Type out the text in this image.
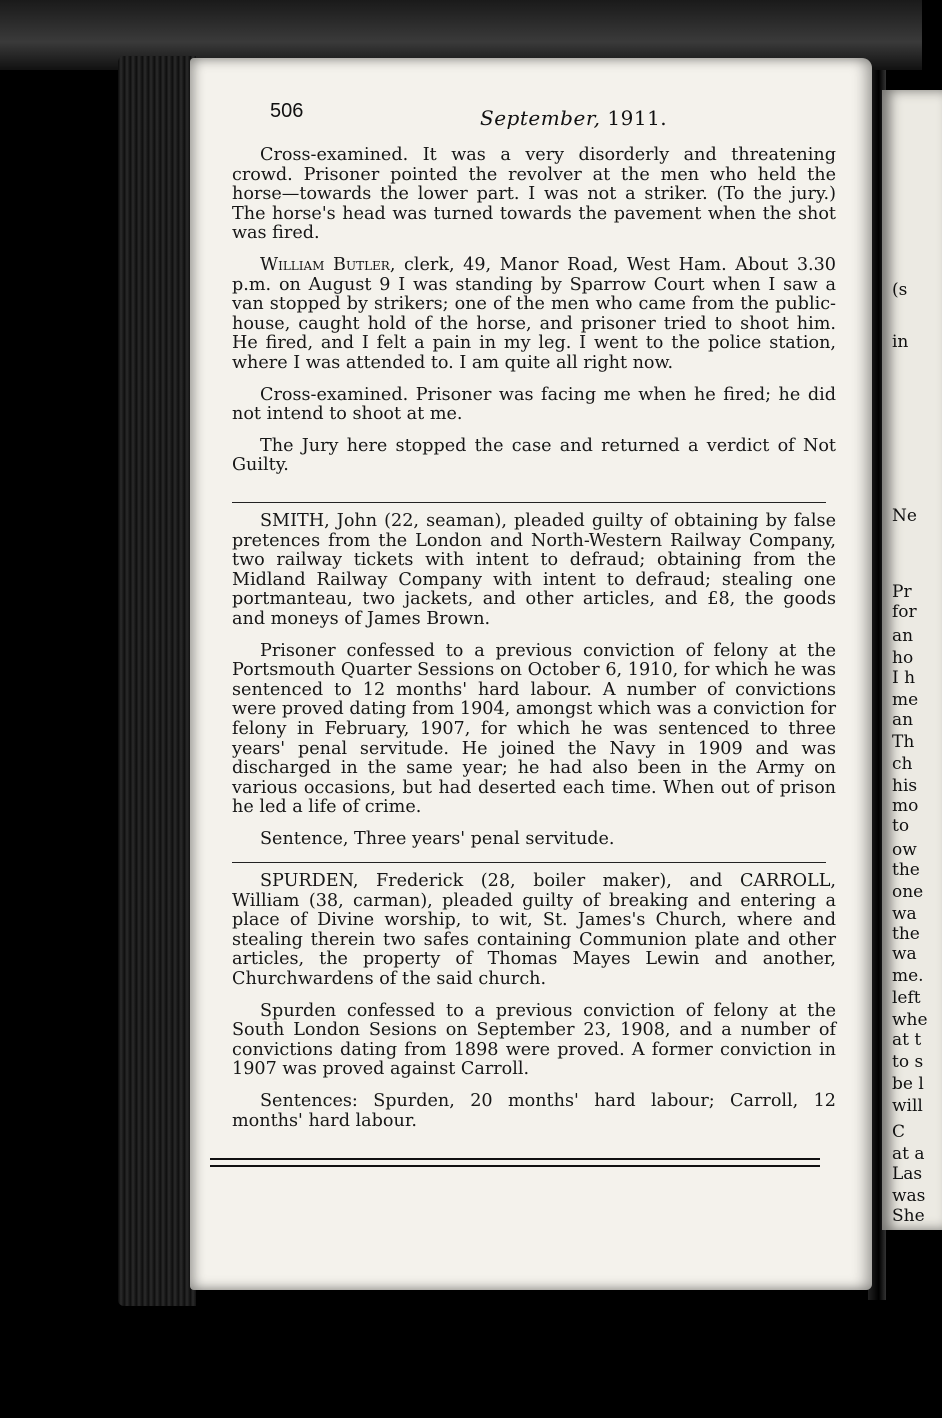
(s
in
Ne
Pr
for
an
ho
I h
me
an
Th
ch
his
mo
to
ow
the
one
wa
the
wa
me.
left
whe
at t
to s
be l
will
C
at a
Las
was
She
506	September, 1911.

Cross-examined. It was a very disorderly and threatening crowd. Prisoner pointed the revolver at the men who held the horse—towards the lower part. I was not a striker. (To the jury.) The horse's head was turned towards the pavement when the shot was fired.

William Butler, clerk, 49, Manor Road, West Ham. About 3.30 p.m. on August 9 I was standing by Sparrow Court when I saw a van stopped by strikers; one of the men who came from the public-house, caught hold of the horse, and prisoner tried to shoot him. He fired, and I felt a pain in my leg. I went to the police station, where I was attended to. I am quite all right now.

Cross-examined. Prisoner was facing me when he fired; he did not intend to shoot at me.

The Jury here stopped the case and returned a verdict of Not Guilty.

SMITH, John (22, seaman), pleaded guilty of obtaining by false pretences from the London and North-Western Railway Company, two railway tickets with intent to defraud; obtaining from the Midland Railway Company with intent to defraud; stealing one portmanteau, two jackets, and other articles, and £8, the goods and moneys of James Brown.

Prisoner confessed to a previous conviction of felony at the Portsmouth Quarter Sessions on October 6, 1910, for which he was sentenced to 12 months' hard labour. A number of convictions were proved dating from 1904, amongst which was a conviction for felony in February, 1907, for which he was sentenced to three years' penal servitude. He joined the Navy in 1909 and was discharged in the same year; he had also been in the Army on various occasions, but had deserted each time. When out of prison he led a life of crime.

Sentence, Three years' penal servitude.

SPURDEN, Frederick (28, boiler maker), and CARROLL, William (38, carman), pleaded guilty of breaking and entering a place of Divine worship, to wit, St. James's Church, where and stealing therein two safes containing Communion plate and other articles, the property of Thomas Mayes Lewin and another, Churchwardens of the said church.

Spurden confessed to a previous conviction of felony at the South London Sesions on September 23, 1908, and a number of convictions dating from 1898 were proved. A former conviction in 1907 was proved against Carroll.

Sentences: Spurden, 20 months' hard labour; Carroll, 12 months' hard labour.
